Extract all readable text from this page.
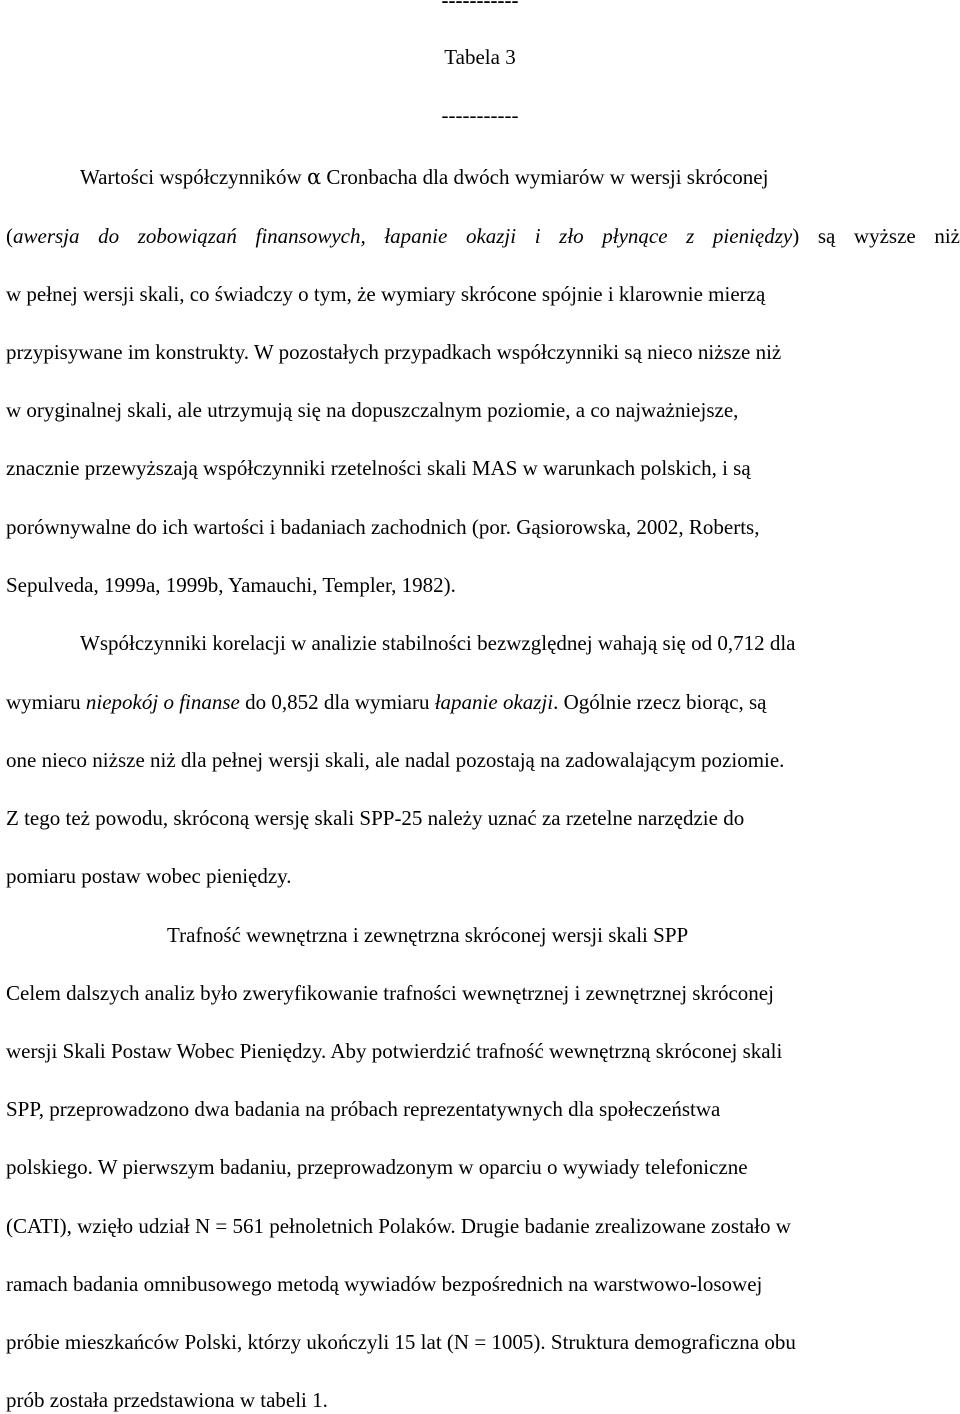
-----------
Tabela 3
-----------
Wartości współczynników α Cronbacha dla dwóch wymiarów w wersji skróconej
(awersja do zobowiązań finansowych, łapanie okazji i zło płynące z pieniędzy) są wyższe niż
w pełnej wersji skali, co świadczy o tym, że wymiary skrócone spójnie i klarownie mierzą
przypisywane im konstrukty. W pozostałych przypadkach współczynniki są nieco niższe niż
w oryginalnej skali, ale utrzymują się na dopuszczalnym poziomie, a co najważniejsze,
znacznie przewyższają współczynniki rzetelności skali MAS w warunkach polskich, i są
porównywalne do ich wartości i badaniach zachodnich (por. Gąsiorowska, 2002, Roberts,
Sepulveda, 1999a, 1999b, Yamauchi, Templer, 1982).
Współczynniki korelacji w analizie stabilności bezwzględnej wahają się od 0,712 dla
wymiaru niepokój o finanse do 0,852 dla wymiaru łapanie okazji. Ogólnie rzecz biorąc, są
one nieco niższe niż dla pełnej wersji skali, ale nadal pozostają na zadowalającym poziomie.
Z tego też powodu, skróconą wersję skali SPP-25 należy uznać za rzetelne narzędzie do
pomiaru postaw wobec pieniędzy.
Trafność wewnętrzna i zewnętrzna skróconej wersji skali SPP
Celem dalszych analiz było zweryfikowanie trafności wewnętrznej i zewnętrznej skróconej
wersji Skali Postaw Wobec Pieniędzy. Aby potwierdzić trafność wewnętrzną skróconej skali
SPP, przeprowadzono dwa badania na próbach reprezentatywnych dla społeczeństwa
polskiego. W pierwszym badaniu, przeprowadzonym w oparciu o wywiady telefoniczne
(CATI), wzięło udział N = 561 pełnoletnich Polaków. Drugie badanie zrealizowane zostało w
ramach badania omnibusowego metodą wywiadów bezpośrednich na warstwowo-losowej
próbie mieszkańców Polski, którzy ukończyli 15 lat (N = 1005). Struktura demograficzna obu
prób została przedstawiona w tabeli 1.
